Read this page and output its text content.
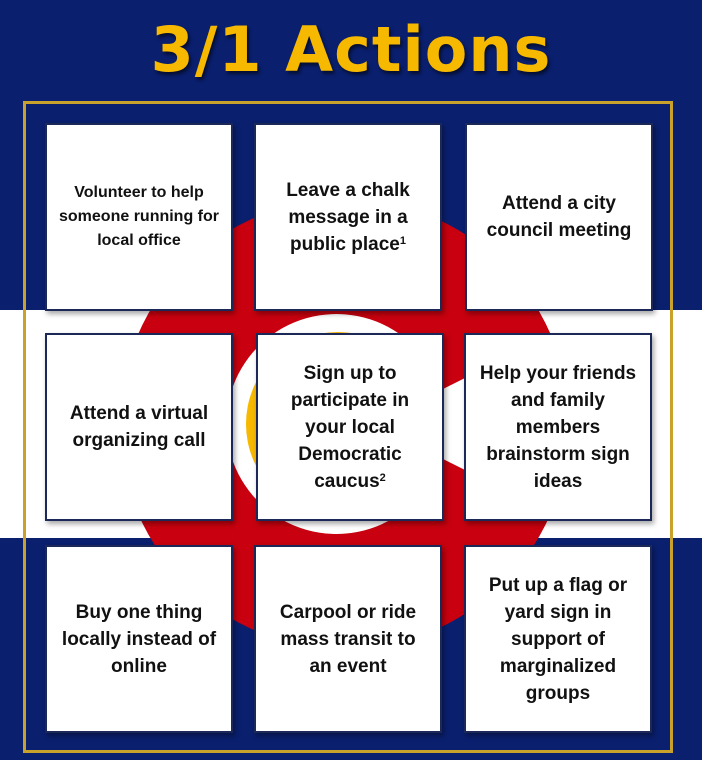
3/1 Actions
Volunteer to help someone running for local office
Leave a chalk message in a public place$^1$
Attend a city council meeting
Attend a virtual organizing call
Sign up to participate in your local Democratic caucus$^2$
Help your friends and family members brainstorm sign ideas
Buy one thing locally instead of online
Carpool or ride mass transit to an event
Put up a flag or yard sign in support of marginalized groups
